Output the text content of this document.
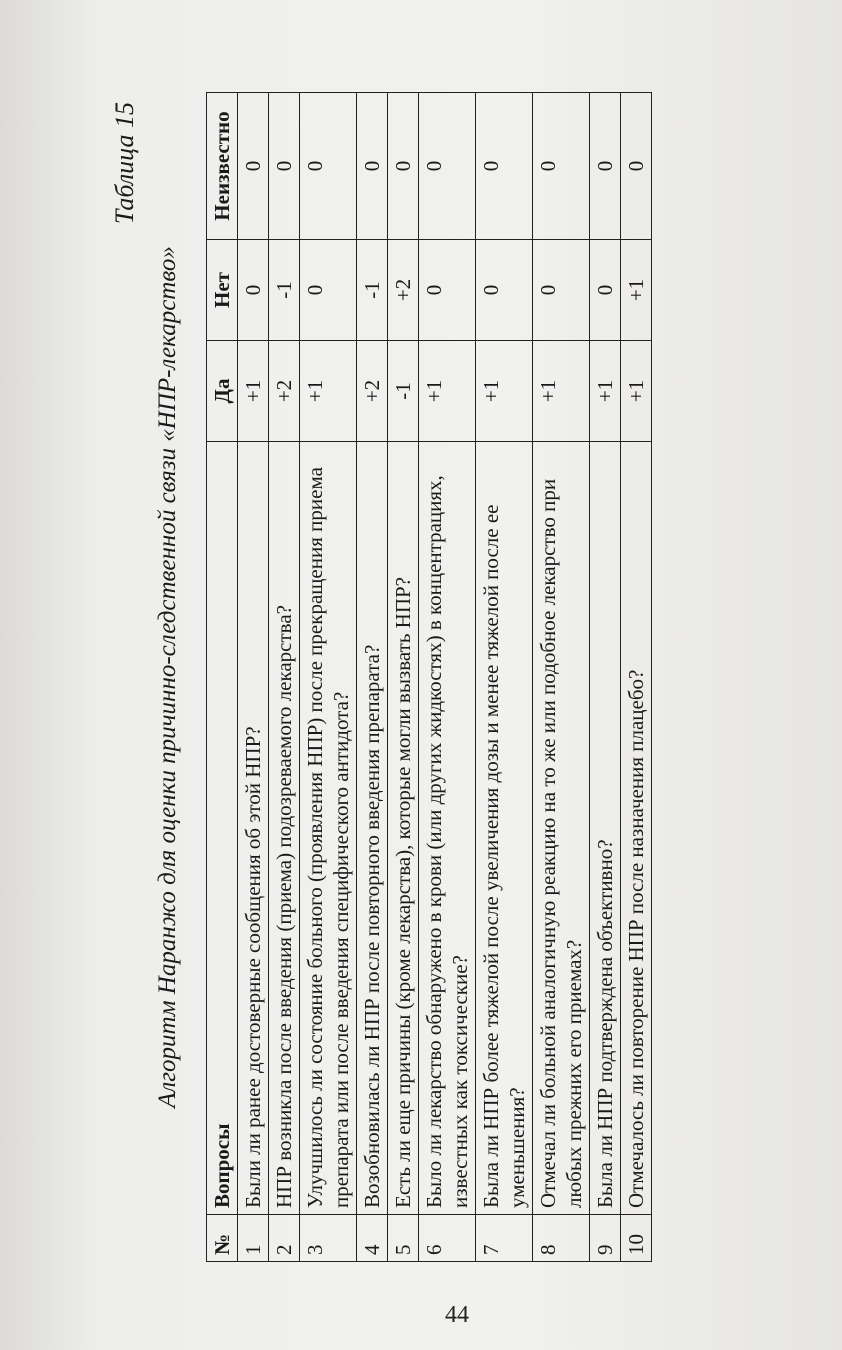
Таблица 15
Алгоритм Наранжо для оценки причинно-следственной связи «НПР-лекарство»
№	Вопросы	Да	Нет	Неизвестно
1	Были ли ранее достоверные сообщения об этой НПР?	+1	0	0
2	НПР возникла после введения (приема) подозреваемого лекарства?	+2	-1	0
3	Улучшилось ли состояние больного (проявления НПР) после прекращения приема препарата или после введения специфического антидота?	+1	0	0
4	Возобновилась ли НПР после повторного введения препарата?	+2	-1	0
5	Есть ли еще причины (кроме лекарства), которые могли вызвать НПР?	-1	+2	0
6	Было ли лекарство обнаружено в крови (или других жидкостях) в концентрациях, известных как токсические?	+1	0	0
7	Была ли НПР более тяжелой после увеличения дозы и менее тяжелой после ее уменьшения?	+1	0	0
8	Отмечал ли больной аналогичную реакцию на то же или подобное лекарство при любых прежних его приемах?	+1	0	0
9	Была ли НПР подтверждена объективно?	+1	0	0
10	Отмечалось ли повторение НПР после назначения плацебо?	+1	+1	0
44
